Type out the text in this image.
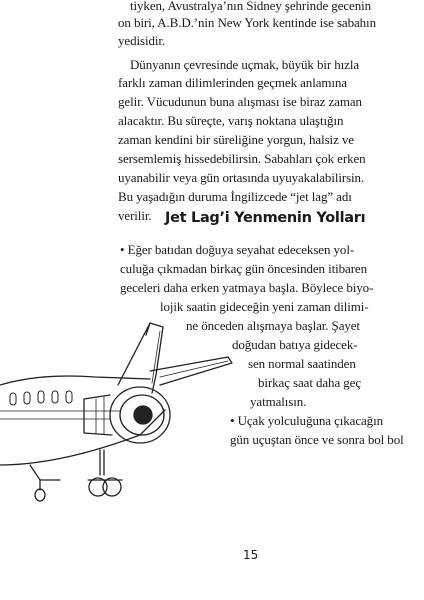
tiyken, Avustralya’nın Sidney şehrinde gecenin

on biri, A.B.D.’nin New York kentinde ise sabahın

yedisidir.

Dünyanın çevresinde uçmak, büyük bir hızla

farklı zaman dilimlerinden geçmek anlamına

gelir. Vücudunun buna alışması ise biraz zaman

alacaktır. Bu süreçte, varış noktana ulaştığın

zaman kendini bir süreliğine yorgun, halsiz ve

sersemlemiş hissedebilirsin. Sabahları çok erken

uyanabilir veya gün ortasında uyuyakalabilirsin.

Bu yaşadığın duruma İngilizcede “jet lag” adı

verilir. Jet Lag’i Yenmenin Yolları

• Eğer batıdan doğuya seyahat edeceksen yol-

culuğa çıkmadan birkaç gün öncesinden itibaren

geceleri daha erken yatmaya başla. Böylece biyo-

lojik saatin gideceğin yeni zaman dilimi-

ne önceden alışmaya başlar. Şayet

doğudan batıya gidecek-

sen normal saatinden

birkaç saat daha geç

yatmalısın.

• Uçak yolculuğuna çıkacağın

gün uçuştan önce ve sonra bol bol

15
